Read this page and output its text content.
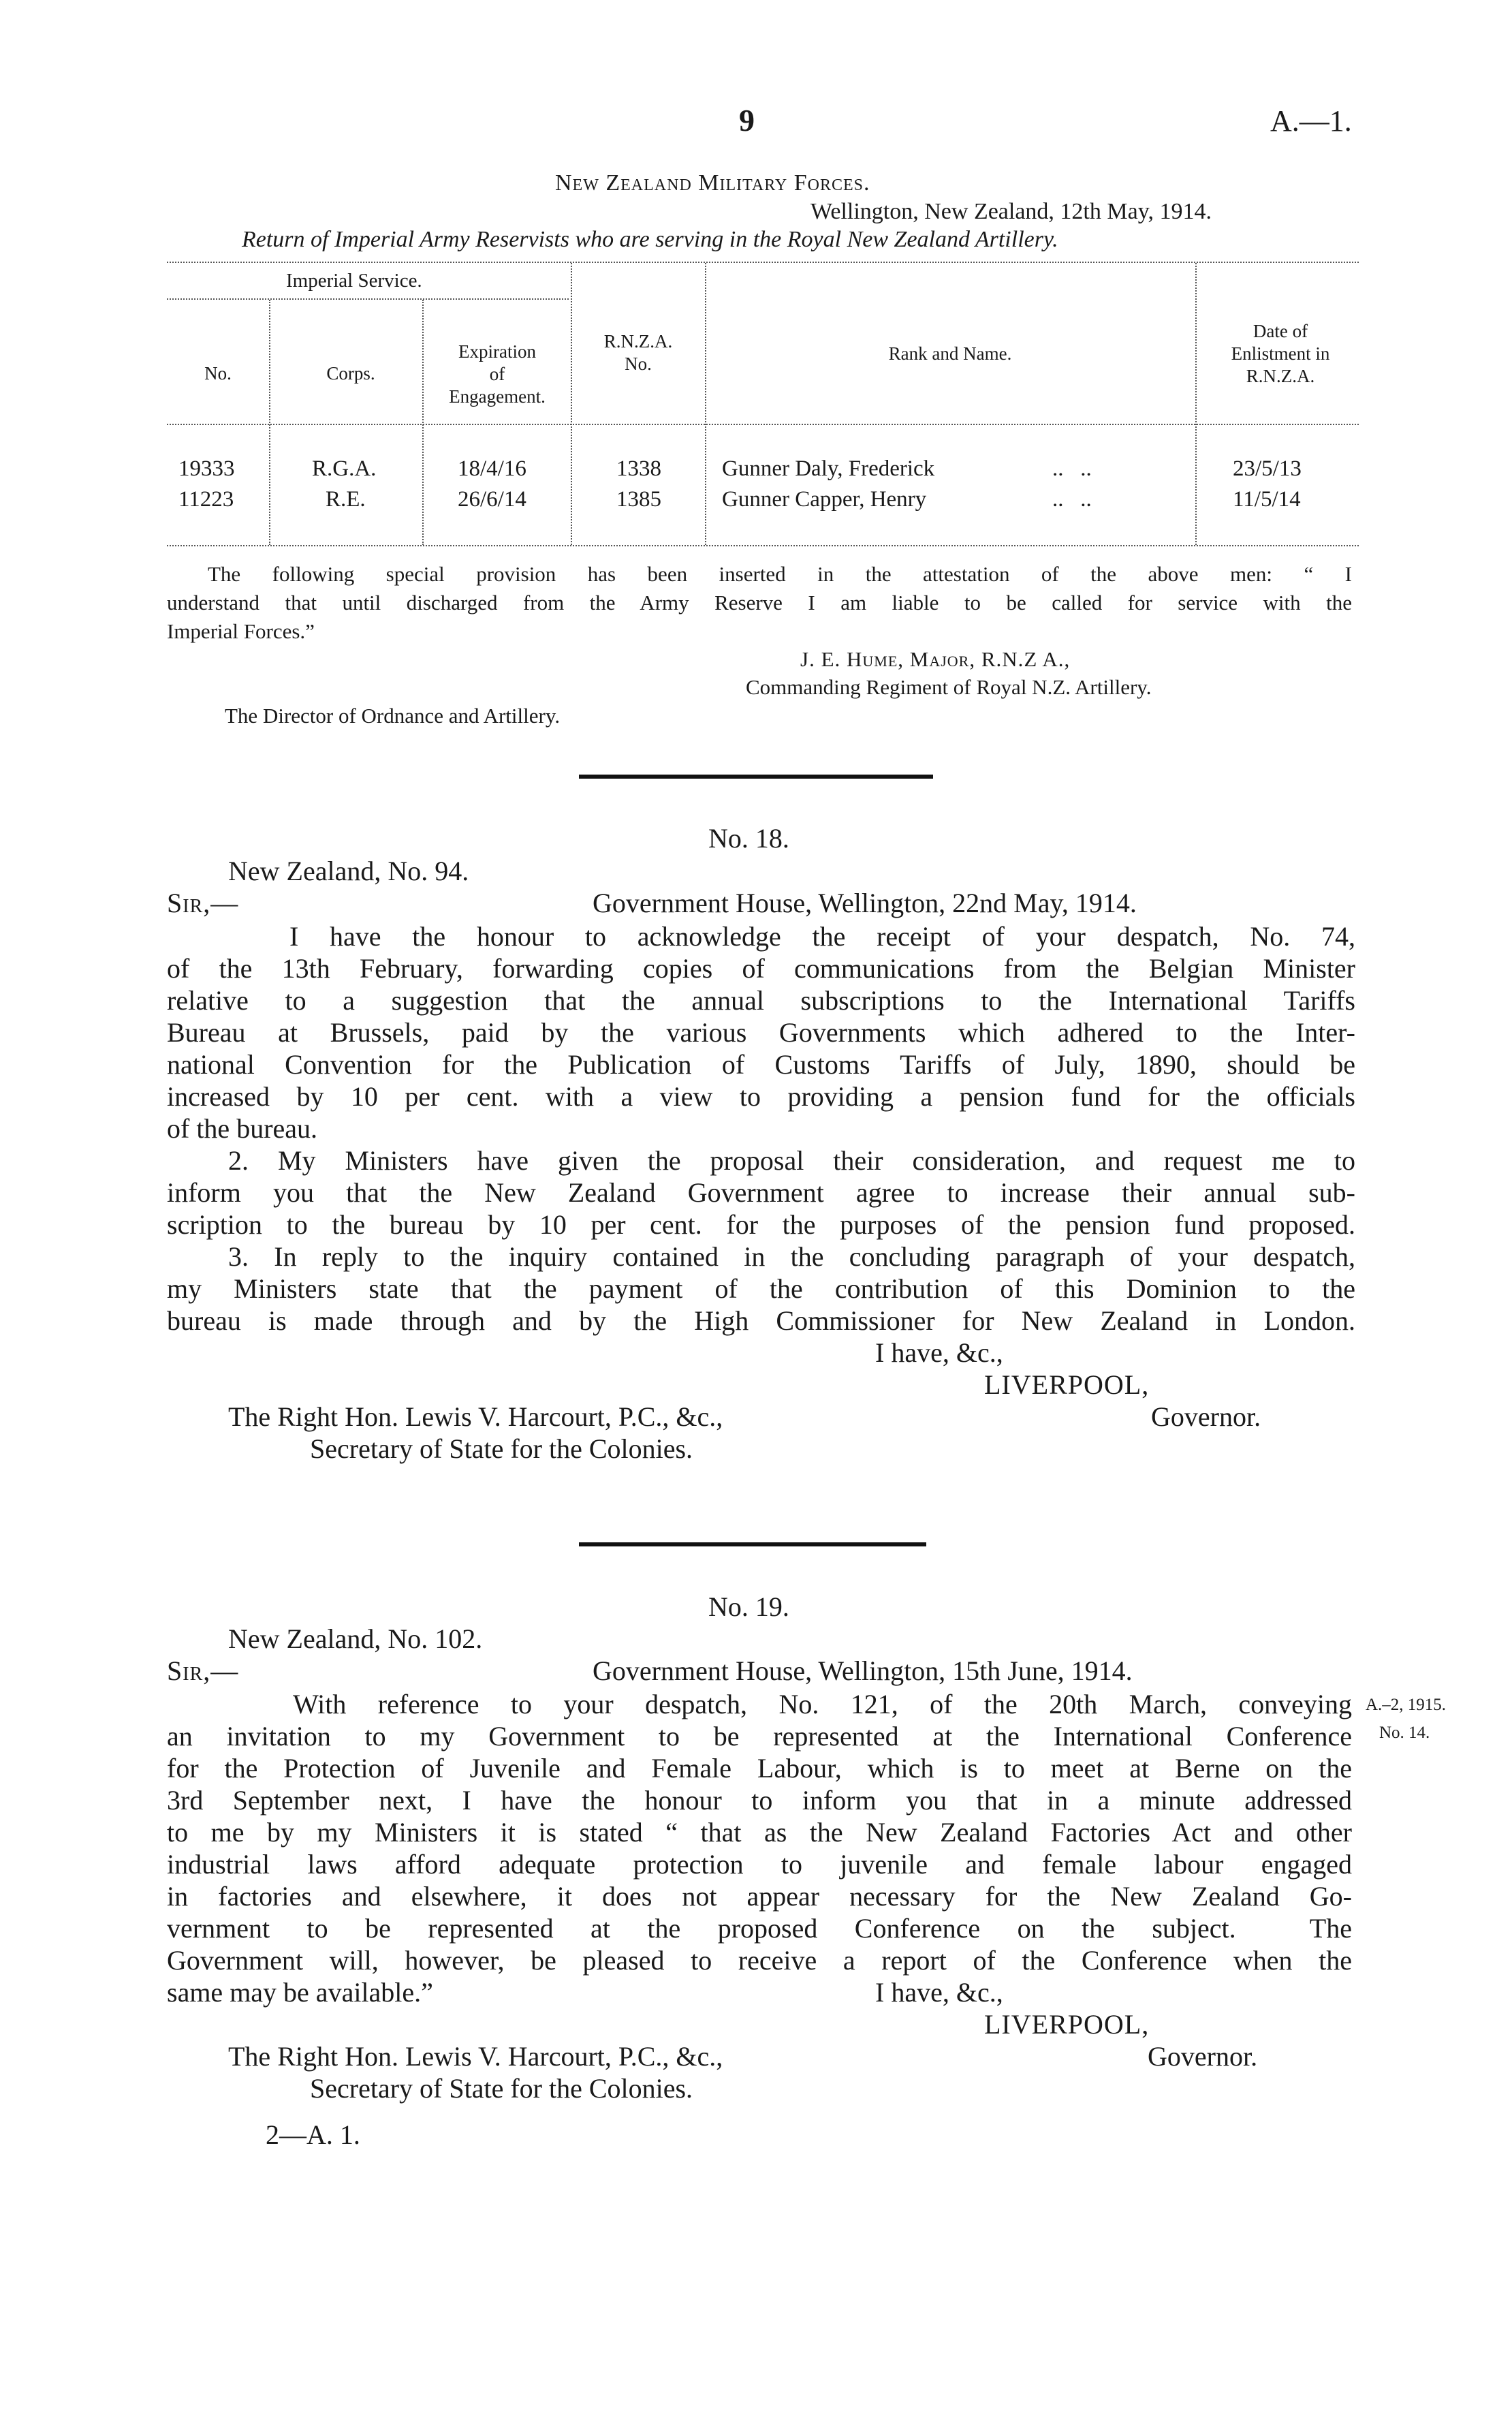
9	A.—1.
New Zealand Military Forces.
Wellington, New Zealand, 12th May, 1914.
Return of Imperial Army Reservists who are serving in the Royal New Zealand Artillery.
Imperial Service.
No.	Corps.
Expiration
of
Engagement.
R.N.Z.A.
No.	Rank and Name.
Date of
Enlistment in
R.N.Z.A.
19333	R.G.A.	18/4/16	1338	Gunner Daly, Frederick	..   ..	23/5/13
11223	R.E.	26/6/14	1385	Gunner Capper, Henry	..   ..	11/5/14
The following special provision has been inserted in the attestation of the above men: “ I
understand that until discharged from the Army Reserve I am liable to be called for service with the
Imperial Forces.”
J. E. Hume, Major, R.N.Z A.,
Commanding Regiment of Royal N.Z. Artillery.
The Director of Ordnance and Artillery.
No. 18.
New Zealand, No. 94.
Sir,—	Government House, Wellington, 22nd May, 1914.
I have the honour to acknowledge the receipt of your despatch, No. 74,
of the 13th February, forwarding copies of communications from the Belgian Minister
relative to a suggestion that the annual subscriptions to the International Tariffs
Bureau at Brussels, paid by the various Governments which adhered to the Inter-
national Convention for the Publication of Customs Tariffs of July, 1890, should be
increased by 10 per cent. with a view to providing a pension fund for the officials
of the bureau.
2. My Ministers have given the proposal their consideration, and request me to
inform you that the New Zealand Government agree to increase their annual sub-
scription to the bureau by 10 per cent. for the purposes of the pension fund proposed.
3. In reply to the inquiry contained in the concluding paragraph of your despatch,
my Ministers state that the payment of the contribution of this Dominion to the
bureau is made through and by the High Commissioner for New Zealand in London.
I have, &c.,
LIVERPOOL,
The Right Hon. Lewis V. Harcourt, P.C., &c.,	Governor.
Secretary of State for the Colonies.
No. 19.
New Zealand, No. 102.
Sir,—	Government House, Wellington, 15th June, 1914.
With reference to your despatch, No. 121, of the 20th March, conveying
an invitation to my Government to be represented at the International Conference
for the Protection of Juvenile and Female Labour, which is to meet at Berne on the
3rd September next, I have the honour to inform you that in a minute addressed
to me by my Ministers it is stated “ that as the New Zealand Factories Act and other
industrial laws afford adequate protection to juvenile and female labour engaged
in factories and elsewhere, it does not appear necessary for the New Zealand Go-
vernment to be represented at the proposed Conference on the subject.  The
Government will, however, be pleased to receive a report of the Conference when the
same may be available.”
A.–2, 1915.
No. 14.
I have, &c.,
LIVERPOOL,
The Right Hon. Lewis V. Harcourt, P.C., &c.,	Governor.
Secretary of State for the Colonies.
2—A. 1.
